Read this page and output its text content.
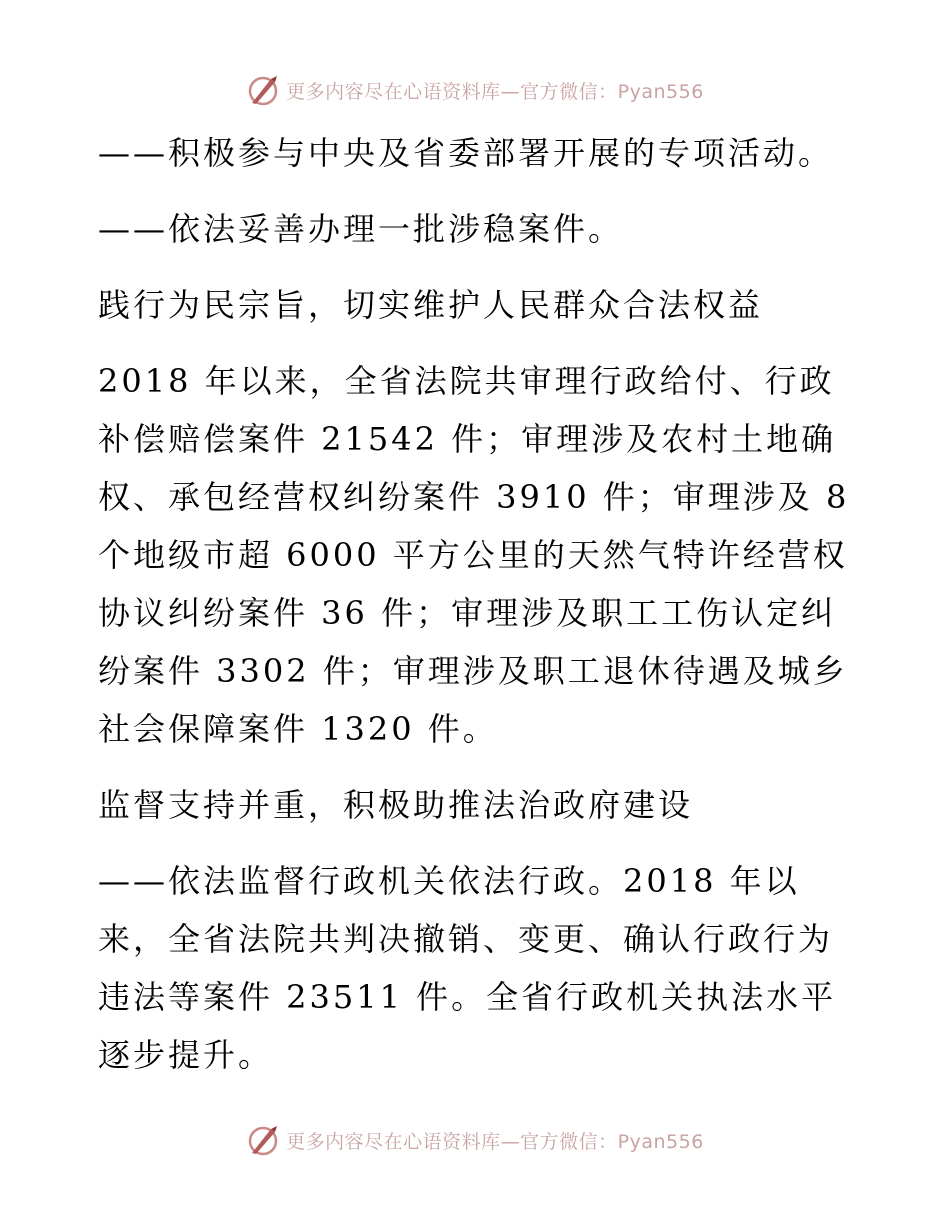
更多内容尽在心语资料库—官方微信：Pyan556

——积极参与中央及省委部署开展的专项活动。

——依法妥善办理一批涉稳案件。

践行为民宗旨，切实维护人民群众合法权益

2018 年以来，全省法院共审理行政给付、行政补偿赔偿案件 21542 件；审理涉及农村土地确权、承包经营权纠纷案件 3910 件；审理涉及 8 个地级市超 6000 平方公里的天然气特许经营权协议纠纷案件 36 件；审理涉及职工工伤认定纠纷案件 3302 件；审理涉及职工退休待遇及城乡社会保障案件 1320 件。

监督支持并重，积极助推法治政府建设

——依法监督行政机关依法行政。2018 年以来，全省法院共判决撤销、变更、确认行政行为违法等案件 23511 件。全省行政机关执法水平逐步提升。

更多内容尽在心语资料库—官方微信：Pyan556
